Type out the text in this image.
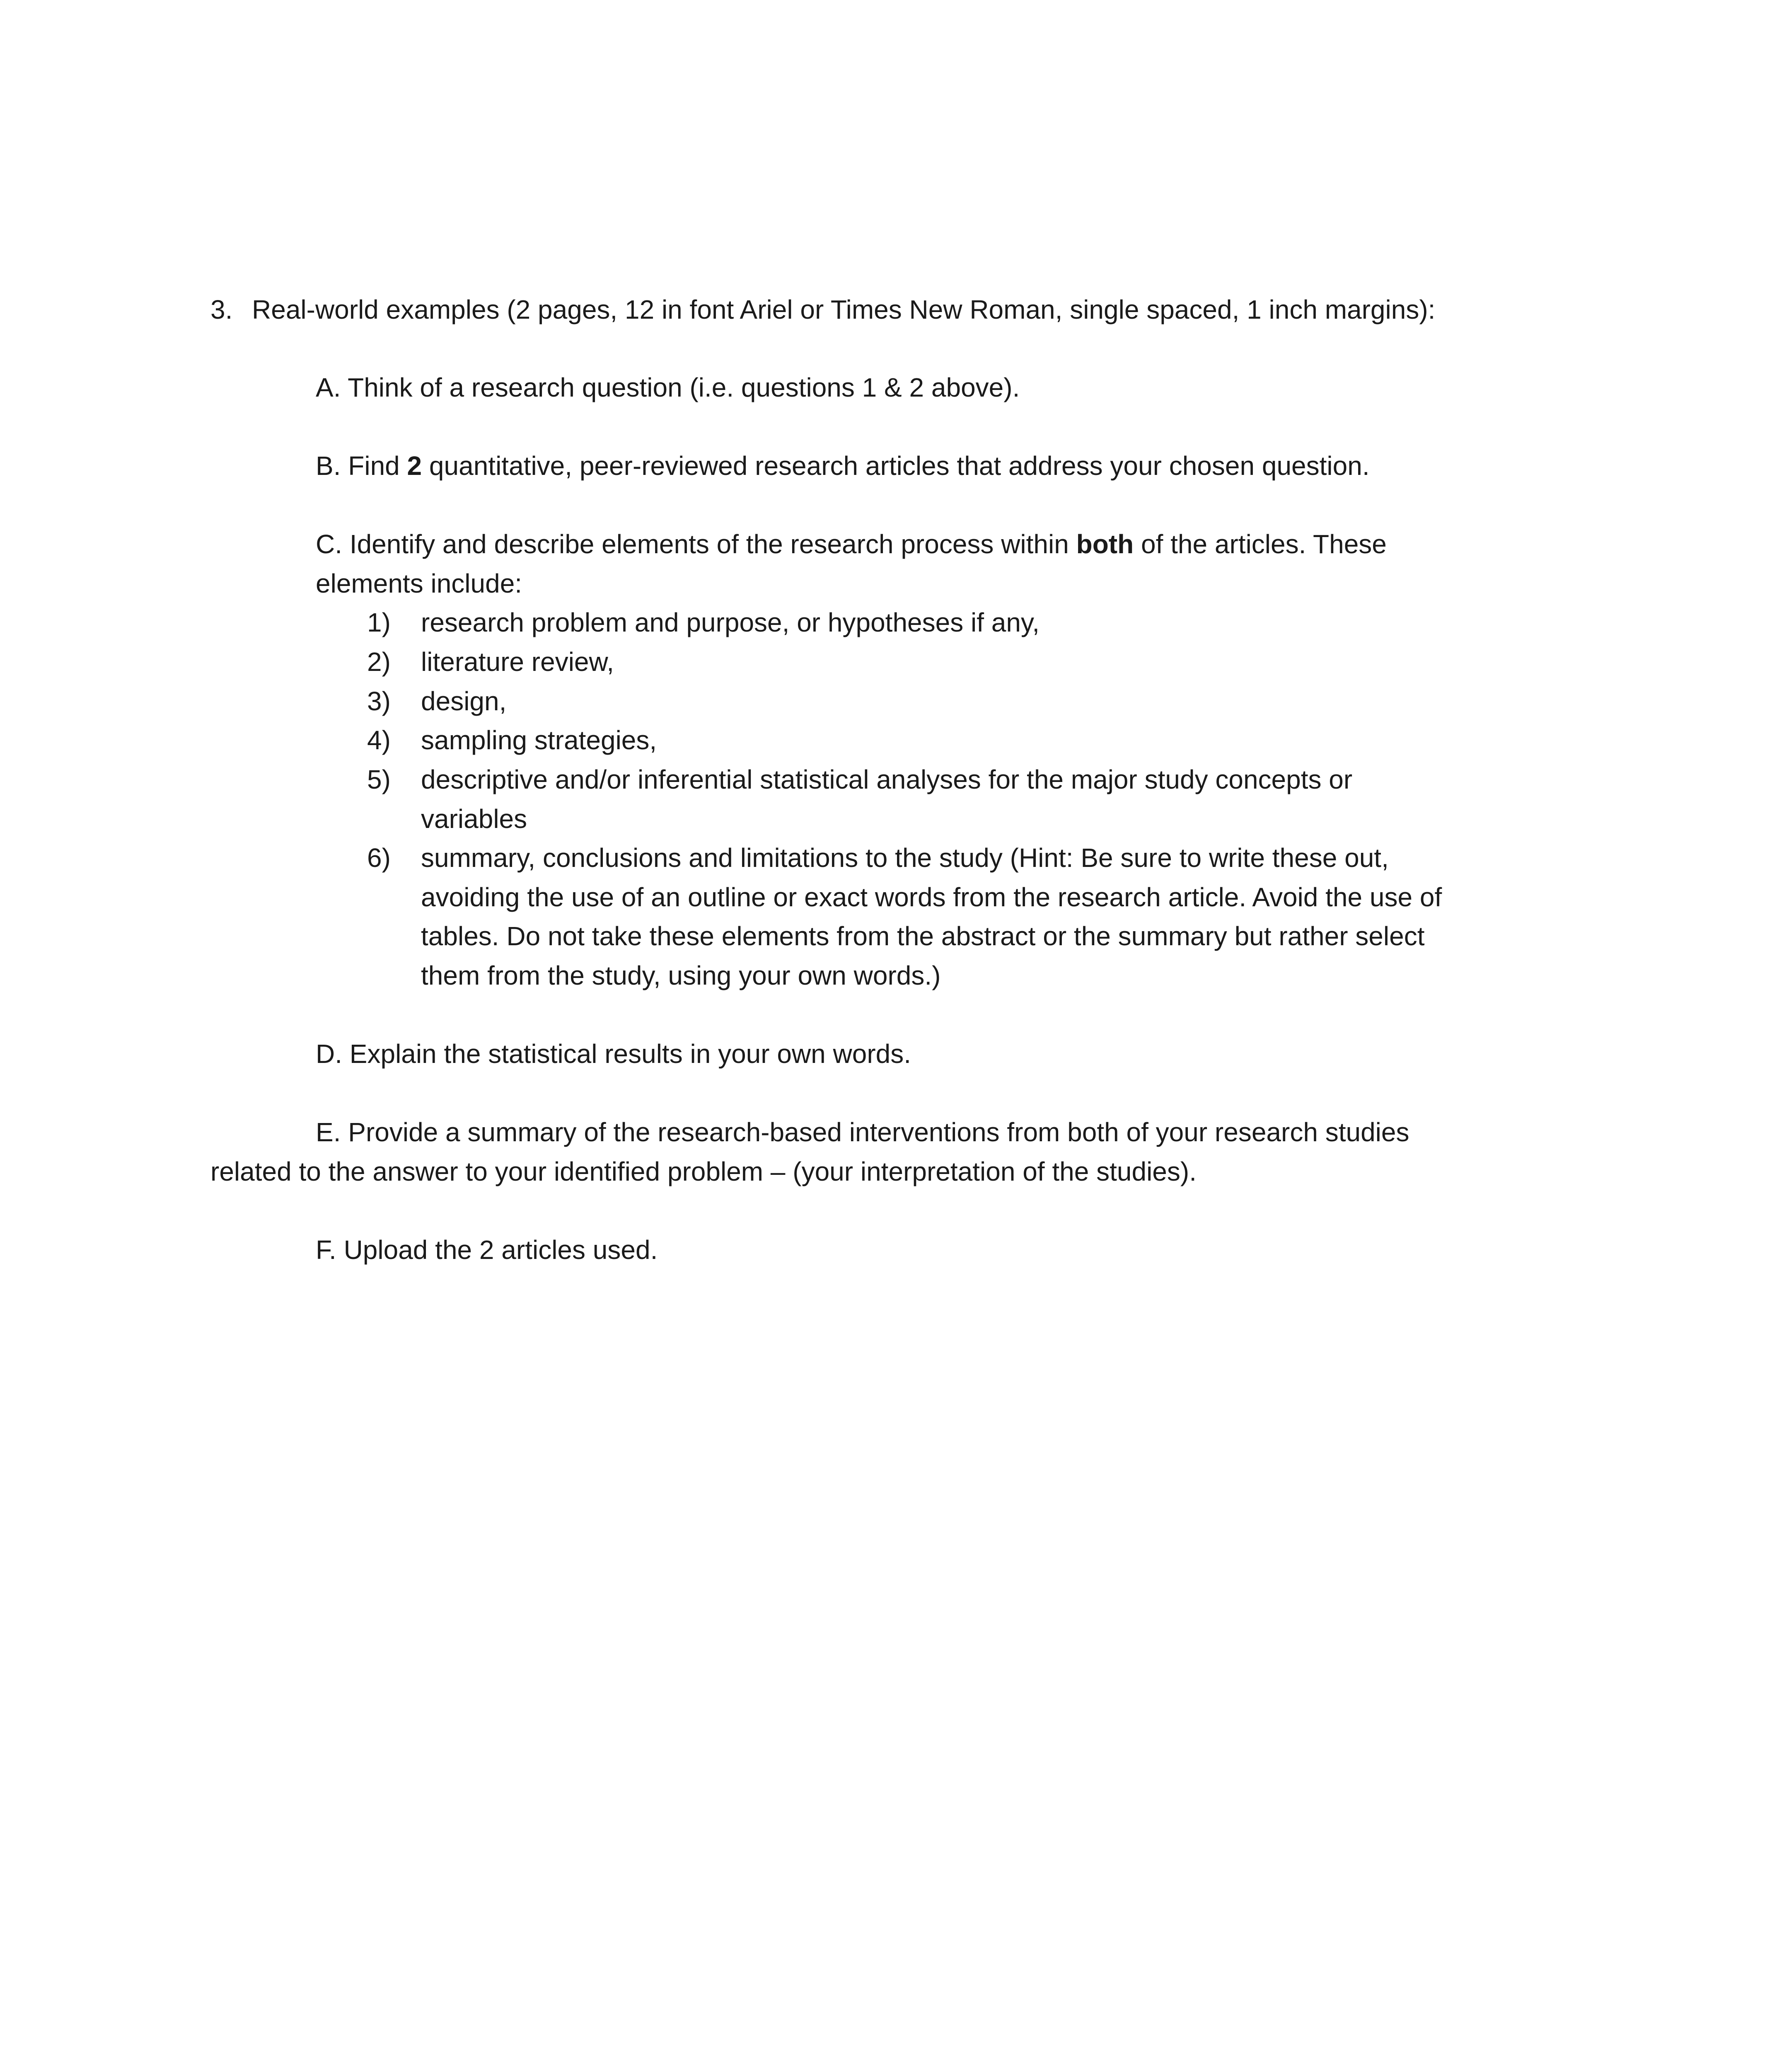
3. Real-world examples (2 pages, 12 in font Ariel or Times New Roman, single spaced, 1 inch margins):
A. Think of a research question (i.e. questions 1 & 2 above).
B. Find 2 quantitative, peer-reviewed research articles that address your chosen question.
C. Identify and describe elements of the research process within both of the articles. These
elements include:
1) research problem and purpose, or hypotheses if any,
2) literature review,
3) design,
4) sampling strategies,
5) descriptive and/or inferential statistical analyses for the major study concepts or
variables
6) summary, conclusions and limitations to the study (Hint: Be sure to write these out,
avoiding the use of an outline or exact words from the research article. Avoid the use of
tables. Do not take these elements from the abstract or the summary but rather select
them from the study, using your own words.)
D. Explain the statistical results in your own words.
E. Provide a summary of the research-based interventions from both of your research studies
related to the answer to your identified problem – (your interpretation of the studies).
F. Upload the 2 articles used.
